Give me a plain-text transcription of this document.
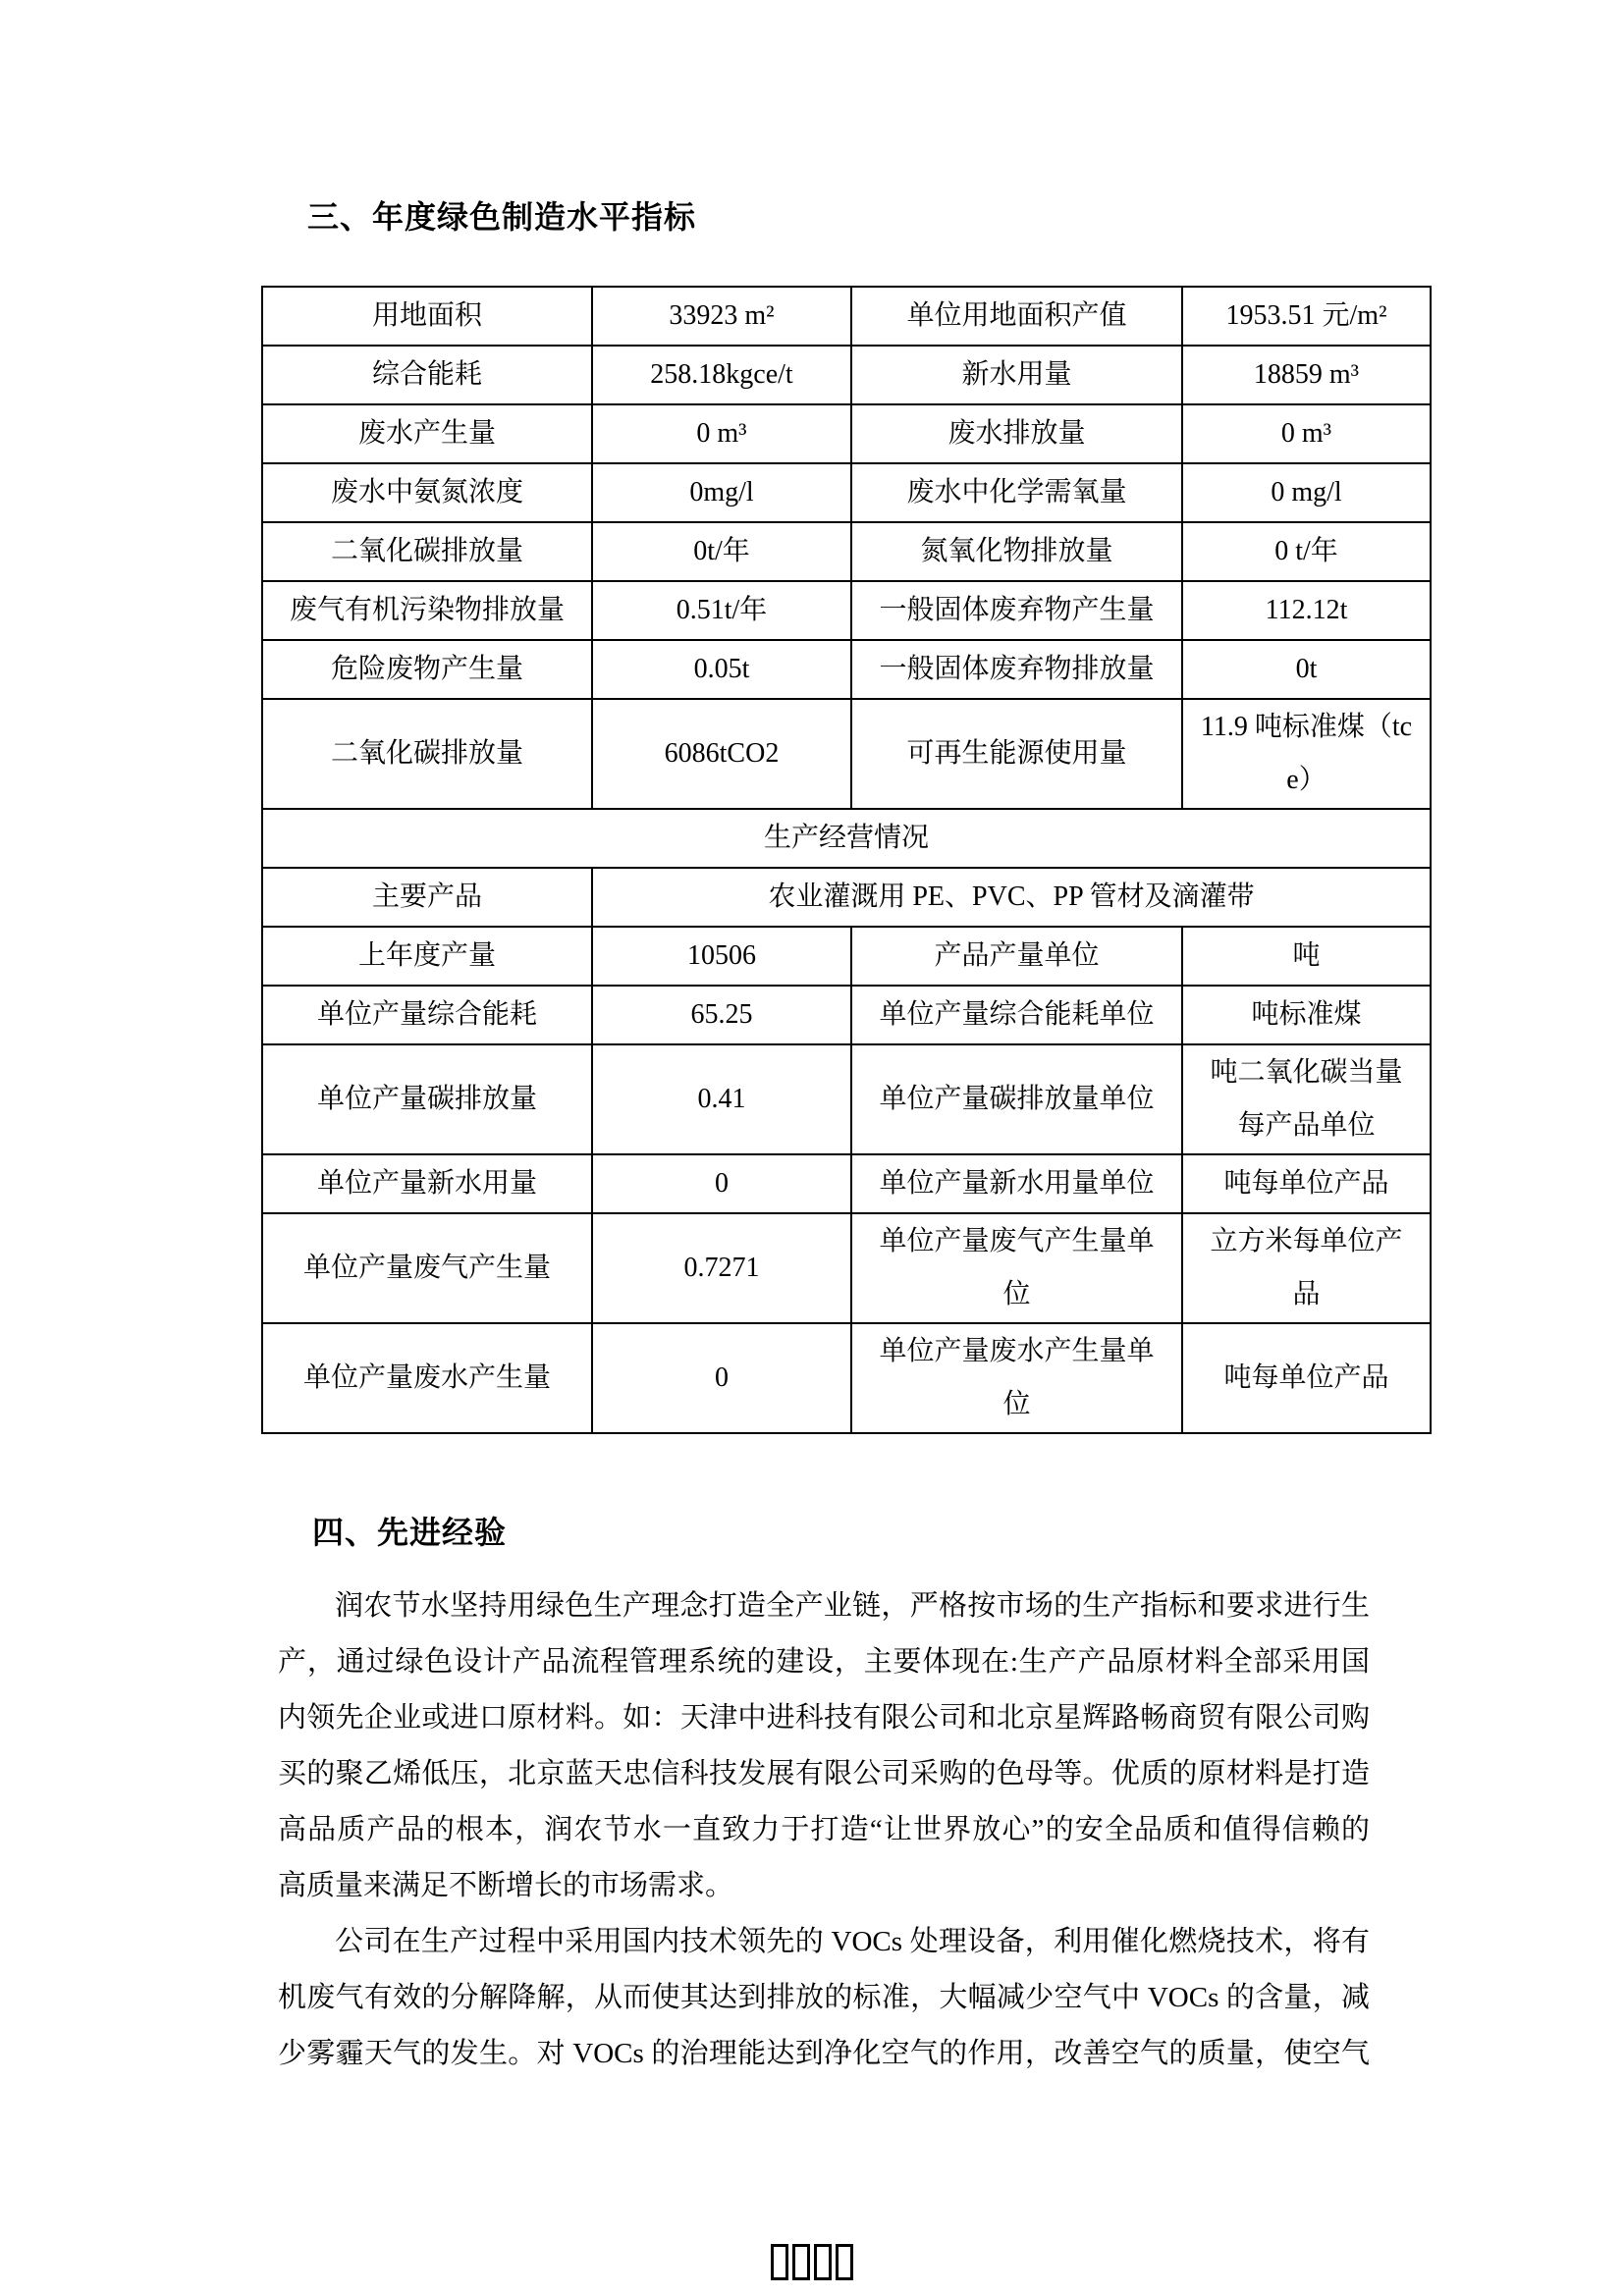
三、年度绿色制造水平指标
用地面积	33923 m²	单位用地面积产值	1953.51 元/m²
综合能耗	258.18kgce/t	新水用量	18859 m³
废水产生量	0 m³	废水排放量	0 m³
废水中氨氮浓度	0mg/l	废水中化学需氧量	0 mg/l
二氧化碳排放量	0t/年	氮氧化物排放量	0 t/年
废气有机污染物排放量	0.51t/年	一般固体废弃物产生量	112.12t
危险废物产生量	0.05t	一般固体废弃物排放量	0t
二氧化碳排放量	6086tCO2	可再生能源使用量	11.9 吨标准煤（tce）
生产经营情况			
主要产品	农业灌溉用 PE、PVC、PP 管材及滴灌带		
上年度产量	10506	产品产量单位	吨
单位产量综合能耗	65.25	单位产量综合能耗单位	吨标准煤
单位产量碳排放量	0.41	单位产量碳排放量单位	吨二氧化碳当量每产品单位
单位产量新水用量	0	单位产量新水用量单位	吨每单位产品
单位产量废气产生量	0.7271	单位产量废气产生量单位	立方米每单位产品
单位产量废水产生量	0	单位产量废水产生量单位	吨每单位产品
四、先进经验
润农节水坚持用绿色生产理念打造全产业链，严格按市场的生产指标和要求进行生
产，通过绿色设计产品流程管理系统的建设，主要体现在:生产产品原材料全部采用国
内领先企业或进口原材料。如：天津中进科技有限公司和北京星辉路畅商贸有限公司购
买的聚乙烯低压，北京蓝天忠信科技发展有限公司采购的色母等。优质的原材料是打造
高品质产品的根本，润农节水一直致力于打造“让世界放心”的安全品质和值得信赖的
高质量来满足不断增长的市场需求。
公司在生产过程中采用国内技术领先的 VOCs 处理设备，利用催化燃烧技术，将有
机废气有效的分解降解，从而使其达到排放的标准，大幅减少空气中 VOCs 的含量，减
少雾霾天气的发生。对 VOCs 的治理能达到净化空气的作用，改善空气的质量，使空气
